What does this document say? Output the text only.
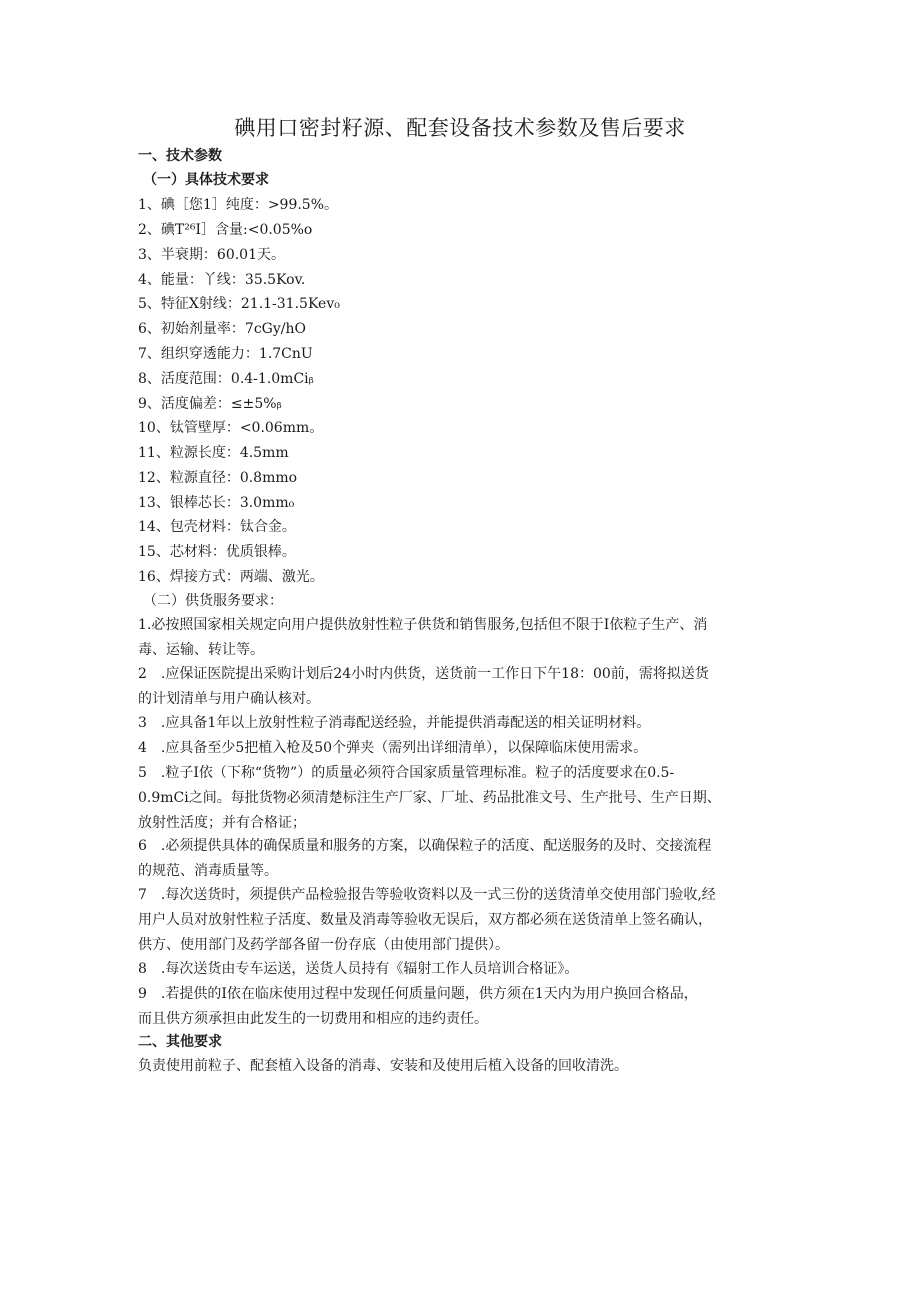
碘用口密封籽源、配套设备技术参数及售后要求
一、技术参数
（一）具体技术要求
1、碘［您1］纯度：>99.5%。
2、碘T²⁶I］含量:<0.05%o
3、半衰期：60.01天。
4、能量：丫线：35.5Kov.
5、特征X射线：21.1-31.5Kev₀
6、初始剂量率：7cGy/hO
7、组织穿透能力：1.7CnU
8、活度范围：0.4-1.0mCiᵦ
9、活度偏差：≤±5%ᵦ
10、钛管壁厚：<0.06mm。
11、粒源长度：4.5mm
12、粒源直径：0.8mmo
13、银棒芯长：3.0mm₀
14、包壳材料：钛合金。
15、芯材料：优质银棒。
16、焊接方式：两端、激光。
（二）供货服务要求：
1.必按照国家相关规定向用户提供放射性粒子供货和销售服务,包括但不限于I依粒子生产、消
毒、运输、转让等。
2　.应保证医院提出采购计划后24小时内供货，送货前一工作日下午18：00前，需将拟送货
的计划清单与用户确认核对。
3　.应具备1年以上放射性粒子消毒配送经验，并能提供消毒配送的相关证明材料。
4　.应具备至少5把植入枪及50个弹夹（需列出详细清单），以保障临床使用需求。
5　.粒子I依（下称“货物”）的质量必须符合国家质量管理标准。粒子的活度要求在0.5-
0.9mCi之间。每批货物必须清楚标注生产厂家、厂址、药品批准文号、生产批号、生产日期、
放射性活度；并有合格证；
6　.必须提供具体的确保质量和服务的方案，以确保粒子的活度、配送服务的及时、交接流程
的规范、消毒质量等。
7　.每次送货时，须提供产品检验报告等验收资料以及一式三份的送货清单交使用部门验收,经
用户人员对放射性粒子活度、数量及消毒等验收无误后，双方都必须在送货清单上签名确认，
供方、使用部门及药学部各留一份存底（由使用部门提供）。
8　.每次送货由专车运送，送货人员持有《辐射工作人员培训合格证》。
9　.若提供的I依在临床使用过程中发现任何质量问题，供方须在1天内为用户换回合格品，
而且供方须承担由此发生的一切费用和相应的违约责任。
二、其他要求
负责使用前粒子、配套植入设备的消毒、安装和及使用后植入设备的回收清洗。
